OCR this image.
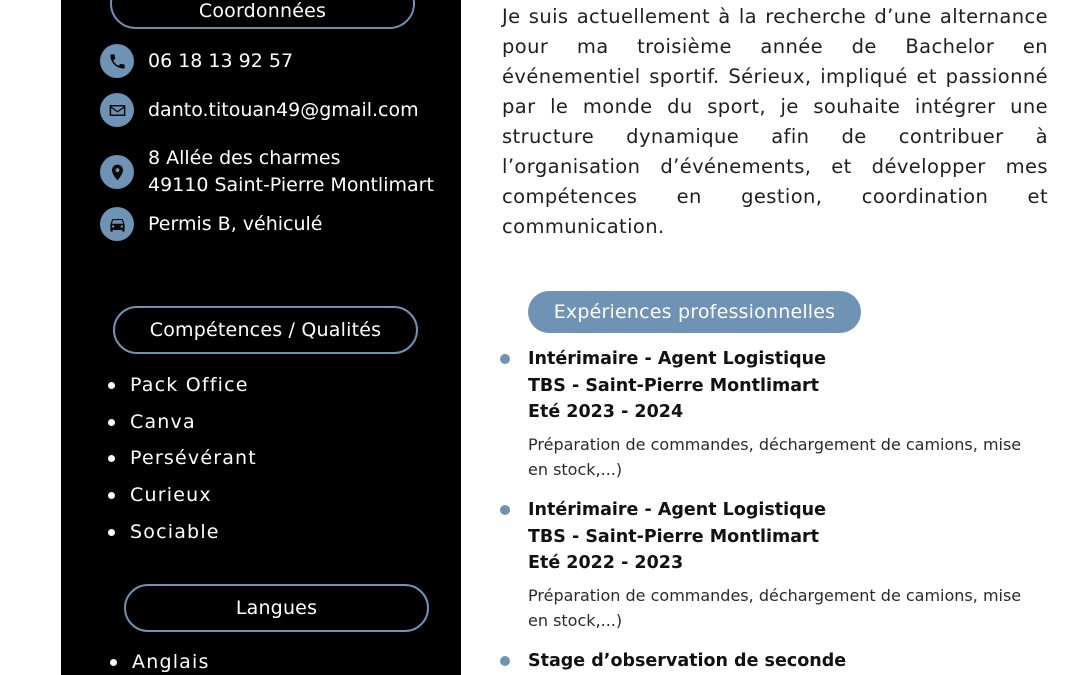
Coordonnées
06 18 13 92 57
danto.titouan49@gmail.com
8 Allée des charmes
49110 Saint-Pierre Montlimart
Permis B, véhiculé
Compétences / Qualités
Pack Office
Canva
Persévérant
Curieux
Sociable
Langues
Anglais

Je suis actuellement à la recherche d’une alternance pour ma troisième année de Bachelor en événementiel sportif. Sérieux, impliqué et passionné par le monde du sport, je souhaite intégrer une structure dynamique afin de contribuer à l’organisation d’événements, et développer mes compétences en gestion, coordination et communication.

Expériences professionnelles
Intérimaire - Agent Logistique
TBS - Saint-Pierre Montlimart
Eté 2023 - 2024
Préparation de commandes, déchargement de camions, mise en stock,...)
Intérimaire - Agent Logistique
TBS - Saint-Pierre Montlimart
Eté 2022 - 2023
Préparation de commandes, déchargement de camions, mise en stock,...)
Stage d’observation de seconde
